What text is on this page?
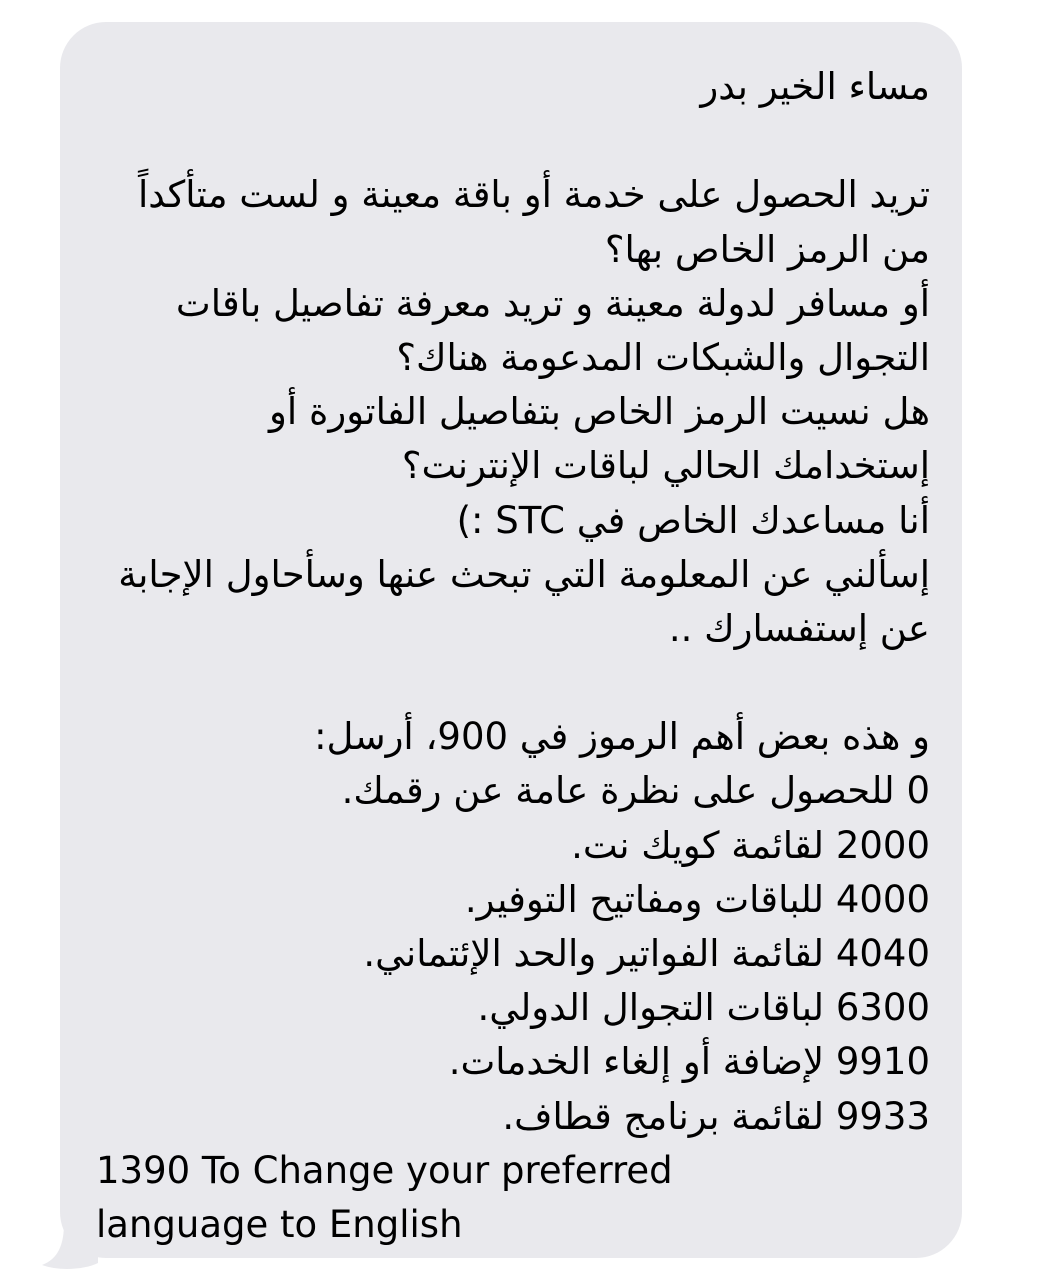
مساء الخير بدر
تريد الحصول على خدمة أو باقة معينة و لست متأكداً
من الرمز الخاص بها؟
أو مسافر لدولة معينة و تريد معرفة تفاصيل باقات
التجوال والشبكات المدعومة هناك؟
هل نسيت الرمز الخاص بتفاصيل الفاتورة أو
إستخدامك الحالي لباقات الإنترنت؟
أنا مساعدك الخاص في STC :)
إسألني عن المعلومة التي تبحث عنها وسأحاول الإجابة
عن إستفسارك ..
و هذه بعض أهم الرموز في 900، أرسل:
0 للحصول على نظرة عامة عن رقمك.
2000 لقائمة كويك نت.
4000 للباقات ومفاتيح التوفير.
4040 لقائمة الفواتير والحد الإئتماني.
6300 لباقات التجوال الدولي.
9910 لإضافة أو إلغاء الخدمات.
9933 لقائمة برنامج قطاف.
1390 To Change your preferred
language to English
